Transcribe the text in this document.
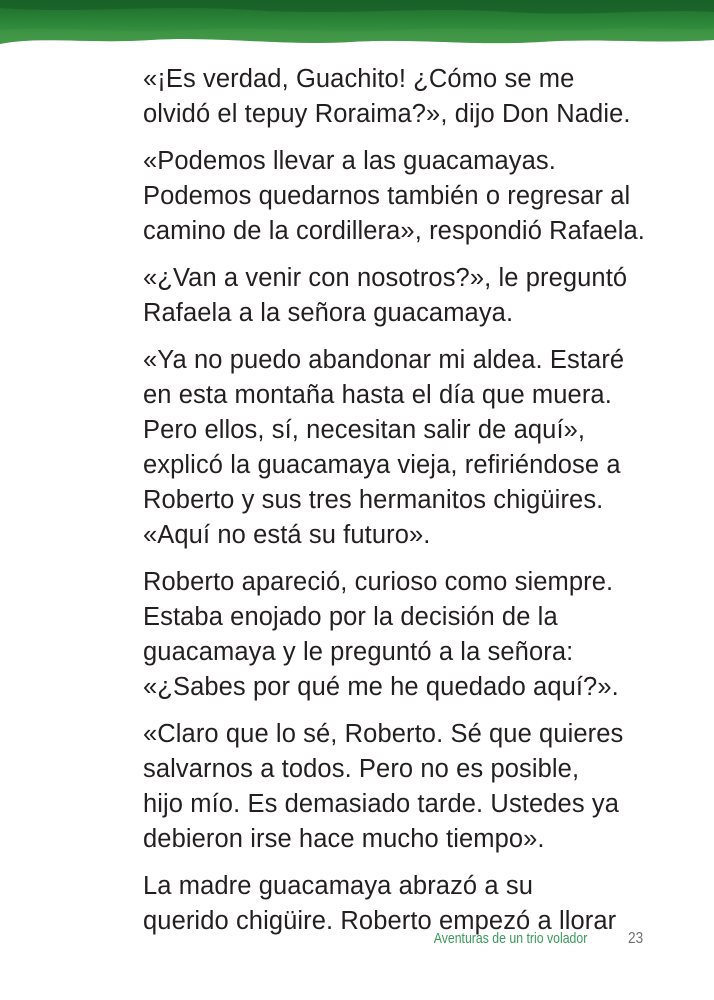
«¡Es verdad, Guachito! ¿Cómo se me
olvidó el tepuy Roraima?», dijo Don Nadie.

«Podemos llevar a las guacamayas.
Podemos quedarnos también o regresar al
camino de la cordillera», respondió Rafaela.

«¿Van a venir con nosotros?», le preguntó
Rafaela a la señora guacamaya.

«Ya no puedo abandonar mi aldea. Estaré
en esta montaña hasta el día que muera.
Pero ellos, sí, necesitan salir de aquí»,
explicó la guacamaya vieja, refiriéndose a
Roberto y sus tres hermanitos chigüires.
«Aquí no está su futuro».

Roberto apareció, curioso como siempre.
Estaba enojado por la decisión de la
guacamaya y le preguntó a la señora:
«¿Sabes por qué me he quedado aquí?».

«Claro que lo sé, Roberto. Sé que quieres
salvarnos a todos. Pero no es posible,
hijo mío. Es demasiado tarde. Ustedes ya
debieron irse hace mucho tiempo».

La madre guacamaya abrazó a su
querido chigüire. Roberto empezó a llorar

Aventuras de un trio volador	23
